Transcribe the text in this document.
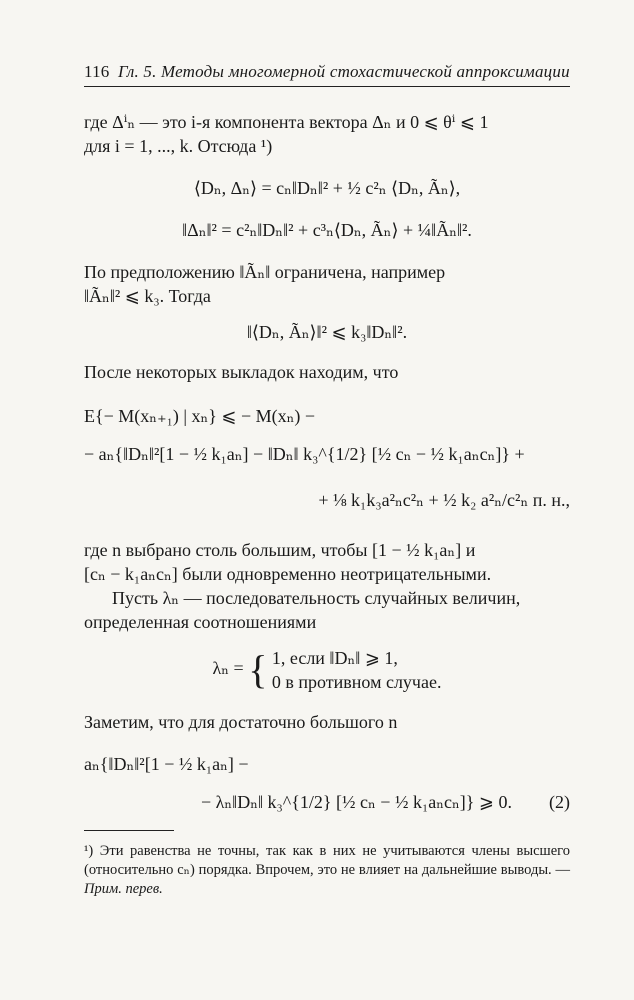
116 Гл. 5. Методы многомерной стохастической аппроксимации

где Δⁱₙ — это i-я компонента вектора Δₙ и 0 ⩽ θⁱ ⩽ 1

для i = 1, ..., k. Отсюда ¹)

⟨Dₙ, Δₙ⟩ = cₙ‖Dₙ‖² + ½ c²ₙ ⟨Dₙ, Ãₙ⟩,

‖Δₙ‖² = c²ₙ‖Dₙ‖² + c³ₙ⟨Dₙ, Ãₙ⟩ + ¼‖Ãₙ‖².

По предположению ‖Ãₙ‖ ограничена, например

‖Ãₙ‖² ⩽ k₃. Тогда

‖⟨Dₙ, Ãₙ⟩‖² ⩽ k₃‖Dₙ‖².

После некоторых выкладок находим, что

E{− M(xₙ₊₁) | xₙ} ⩽ − M(xₙ) −

− aₙ{‖Dₙ‖²[1 − ½ k₁aₙ] − ‖Dₙ‖ k₃^{1/2} [½ cₙ − ½ k₁aₙcₙ]} +

+ ⅛ k₁k₃a²ₙc²ₙ + ½ k₂ a²ₙ/c²ₙ п. н.,

где n выбрано столь большим, чтобы [1 − ½ k₁aₙ] и

[cₙ − k₁aₙcₙ] были одновременно неотрицательными.

Пусть λₙ — последовательность случайных величин,

определенная соотношениями

λₙ = { 1, если ‖Dₙ‖ ⩾ 1,
0 в противном случае.

Заметим, что для достаточно большого n

aₙ{‖Dₙ‖²[1 − ½ k₁aₙ] −

− λₙ‖Dₙ‖ k₃^{1/2} [½ cₙ − ½ k₁aₙcₙ]} ⩾ 0. (2)

¹) Эти равенства не точны, так как в них не учитываются члены высшего (относительно cₙ) порядка. Впрочем, это не влияет на дальнейшие выводы. — Прим. перев.
